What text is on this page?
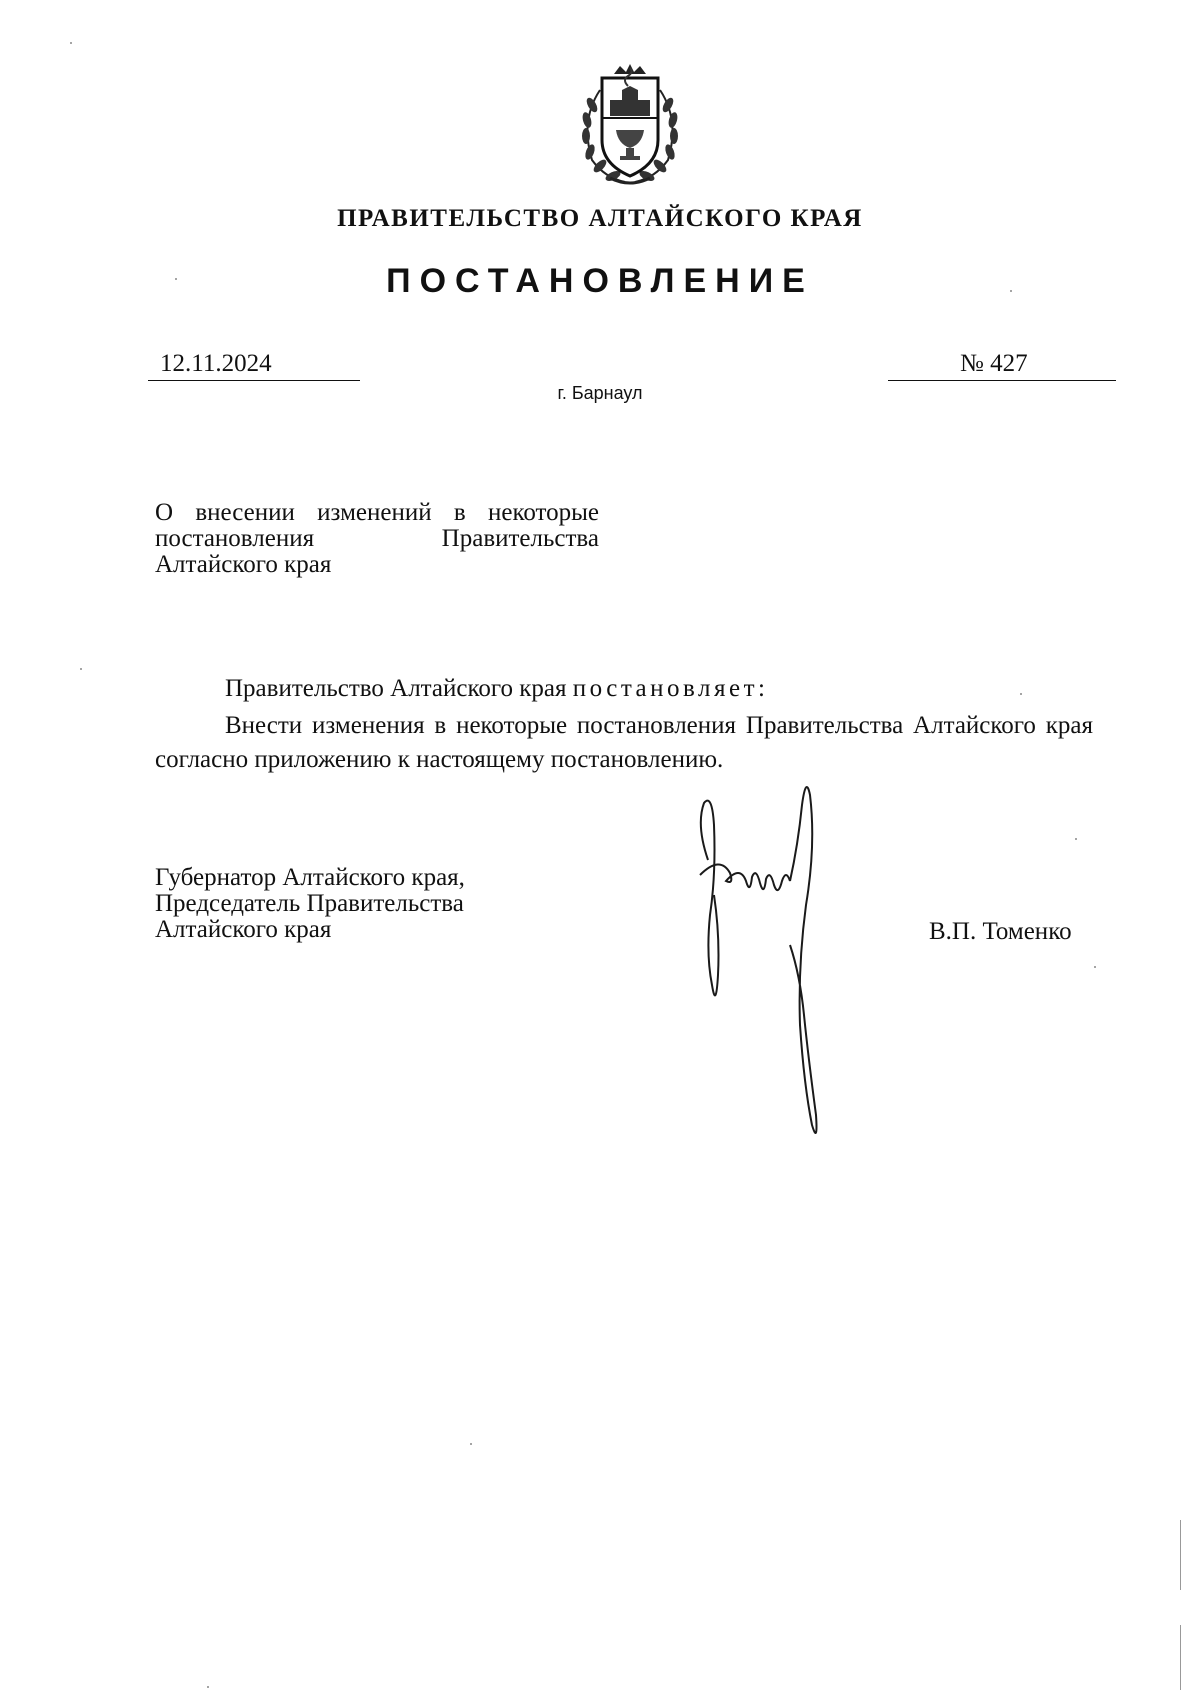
ПРАВИТЕЛЬСТВО АЛТАЙСКОГО КРАЯ
ПОСТАНОВЛЕНИЕ
12.11.2024	№ 427
г. Барнаул
О внесении изменений в некоторые
постановления	Правительства
Алтайского края
Правительство Алтайского края постановляет:
Внести изменения в некоторые постановления Правительства Алтайского края согласно приложению к настоящему постановлению.
Губернатор Алтайского края,
Председатель Правительства
Алтайского края	В.П. Томенко
